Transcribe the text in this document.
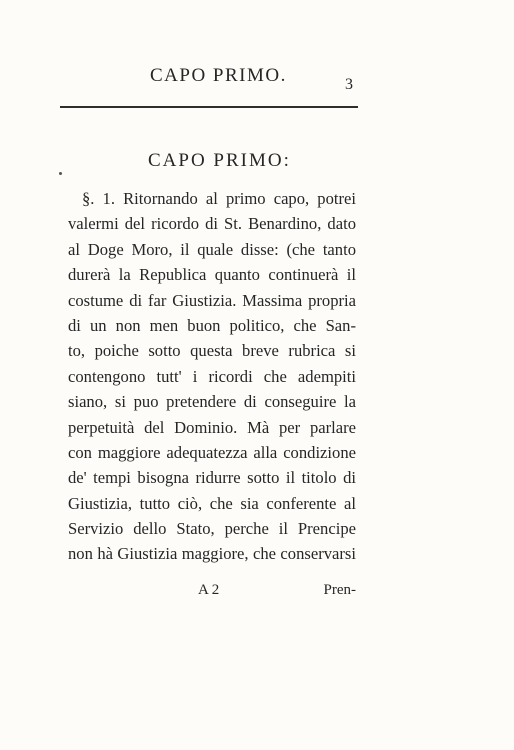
CAPO PRIMO.	3
CAPO PRIMO:
§. 1. Ritornando al primo capo, potrei
valermi del ricordo di St. Benardino, dato
al Doge Moro, il quale disse: (che tanto
durerà la Republica quanto continuerà il
costume di far Giustizia. Massima propria
di un non men buon politico, che San-
to, poiche sotto questa breve rubrica si
contengono tutt' i ricordi che adempiti
siano, si puo pretendere di conseguire la
perpetuità del Dominio. Mà per parlare
con maggiore adequatezza alla condizione
de' tempi bisogna ridurre sotto il titolo di
Giustizia, tutto ciò, che sia conferente al
Servizio dello Stato, perche il Prencipe
non hà Giustizia maggiore, che conservarsi
A 2	Pren-
